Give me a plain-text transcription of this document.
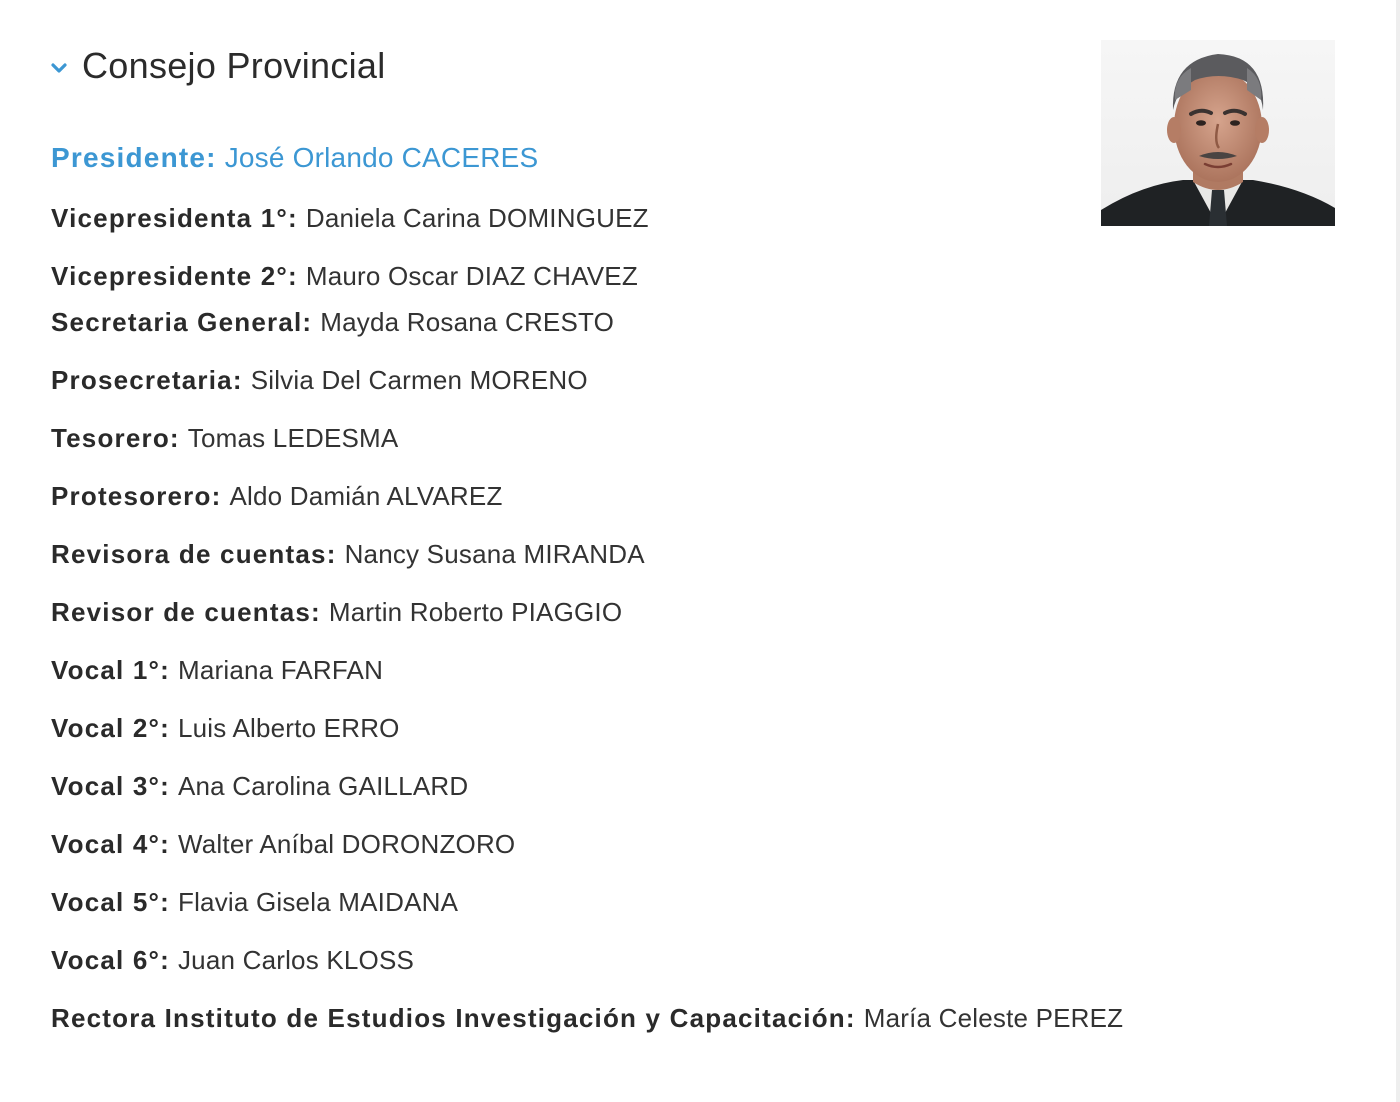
Consejo Provincial
Presidente: José Orlando CACERES
Vicepresidenta 1°: Daniela Carina DOMINGUEZ
Vicepresidente 2°: Mauro Oscar DIAZ CHAVEZ
Secretaria General: Mayda Rosana CRESTO
Prosecretaria: Silvia Del Carmen MORENO
Tesorero: Tomas LEDESMA
Protesorero: Aldo Damián ALVAREZ
Revisora de cuentas: Nancy Susana MIRANDA
Revisor de cuentas: Martin Roberto PIAGGIO
Vocal 1°: Mariana FARFAN
Vocal 2°: Luis Alberto ERRO
Vocal 3°: Ana Carolina GAILLARD
Vocal 4°: Walter Aníbal DORONZORO
Vocal 5°: Flavia Gisela MAIDANA
Vocal 6°: Juan Carlos KLOSS
Rectora Instituto de Estudios Investigación y Capacitación: María Celeste PEREZ
